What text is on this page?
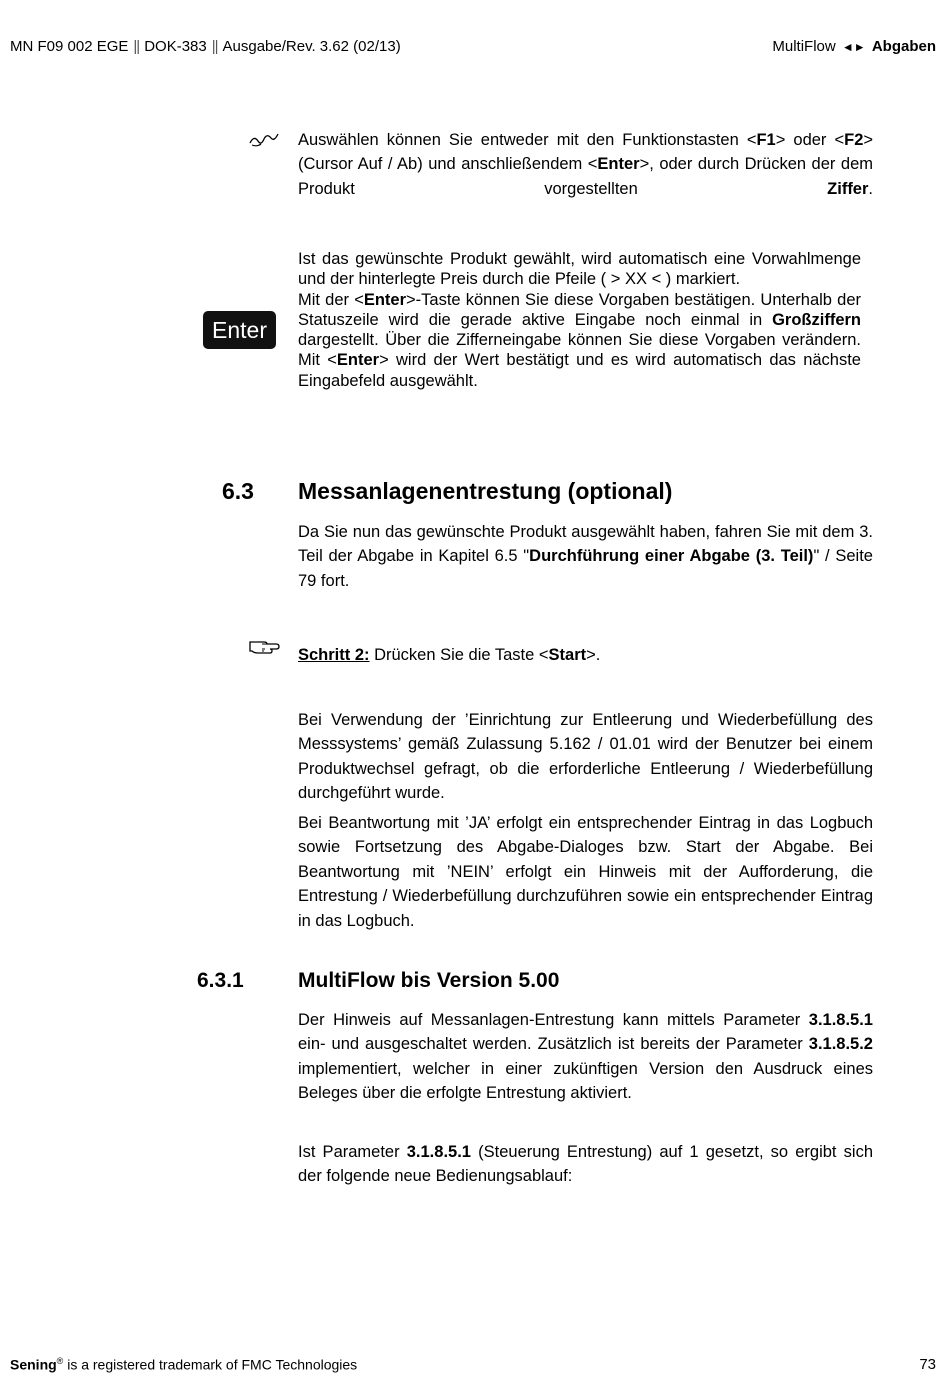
MN F09 002 EGE || DOK-383 || Ausgabe/Rev. 3.62 (02/13)	MultiFlow ◄► Abgaben
Auswählen können Sie entweder mit den Funktionstasten <F1> oder <F2> (Cursor Auf / Ab) und anschließendem <Enter>, oder durch Drücken der dem Produkt vorgestellten Ziffer.
Enter
Ist das gewünschte Produkt gewählt, wird automatisch eine Vorwahlmenge und der hinterlegte Preis durch die Pfeile ( > XX < ) markiert.
Mit der <Enter>-Taste können Sie diese Vorgaben bestätigen. Unterhalb der Statuszeile wird die gerade aktive Eingabe noch einmal in Großziffern dargestellt. Über die Zifferneingabe können Sie diese Vorgaben verändern. Mit <Enter> wird der Wert bestätigt und es wird automatisch das nächste Eingabefeld ausgewählt.
6.3 Messanlagenentrestung (optional)
Da Sie nun das gewünschte Produkt ausgewählt haben, fahren Sie mit dem 3. Teil der Abgabe in Kapitel 6.5 "Durchführung einer Abgabe (3. Teil)" / Seite 79 fort.
Schritt 2: Drücken Sie die Taste <Start>.
Bei Verwendung der ’Einrichtung zur Entleerung und Wiederbefüllung des Messsystems’ gemäß Zulassung 5.162 / 01.01 wird der Benutzer bei einem Produktwechsel gefragt, ob die erforderliche Entleerung / Wiederbefüllung durchgeführt wurde.
Bei Beantwortung mit ’JA’ erfolgt ein entsprechender Eintrag in das Logbuch sowie Fortsetzung des Abgabe-Dialoges bzw. Start der Abgabe. Bei Beantwortung mit ’NEIN’ erfolgt ein Hinweis mit der Aufforderung, die Entrestung / Wiederbefüllung durchzuführen sowie ein entsprechender Eintrag in das Logbuch.
6.3.1	MultiFlow bis Version 5.00
Der Hinweis auf Messanlagen-Entrestung kann mittels Parameter 3.1.8.5.1 ein- und ausgeschaltet werden. Zusätzlich ist bereits der Parameter 3.1.8.5.2 implementiert, welcher in einer zukünftigen Version den Ausdruck eines Beleges über die erfolgte Entrestung aktiviert.
Ist Parameter 3.1.8.5.1 (Steuerung Entrestung) auf 1 gesetzt, so ergibt sich der folgende neue Bedienungsablauf:
Sening® is a registered trademark of FMC Technologies	73
